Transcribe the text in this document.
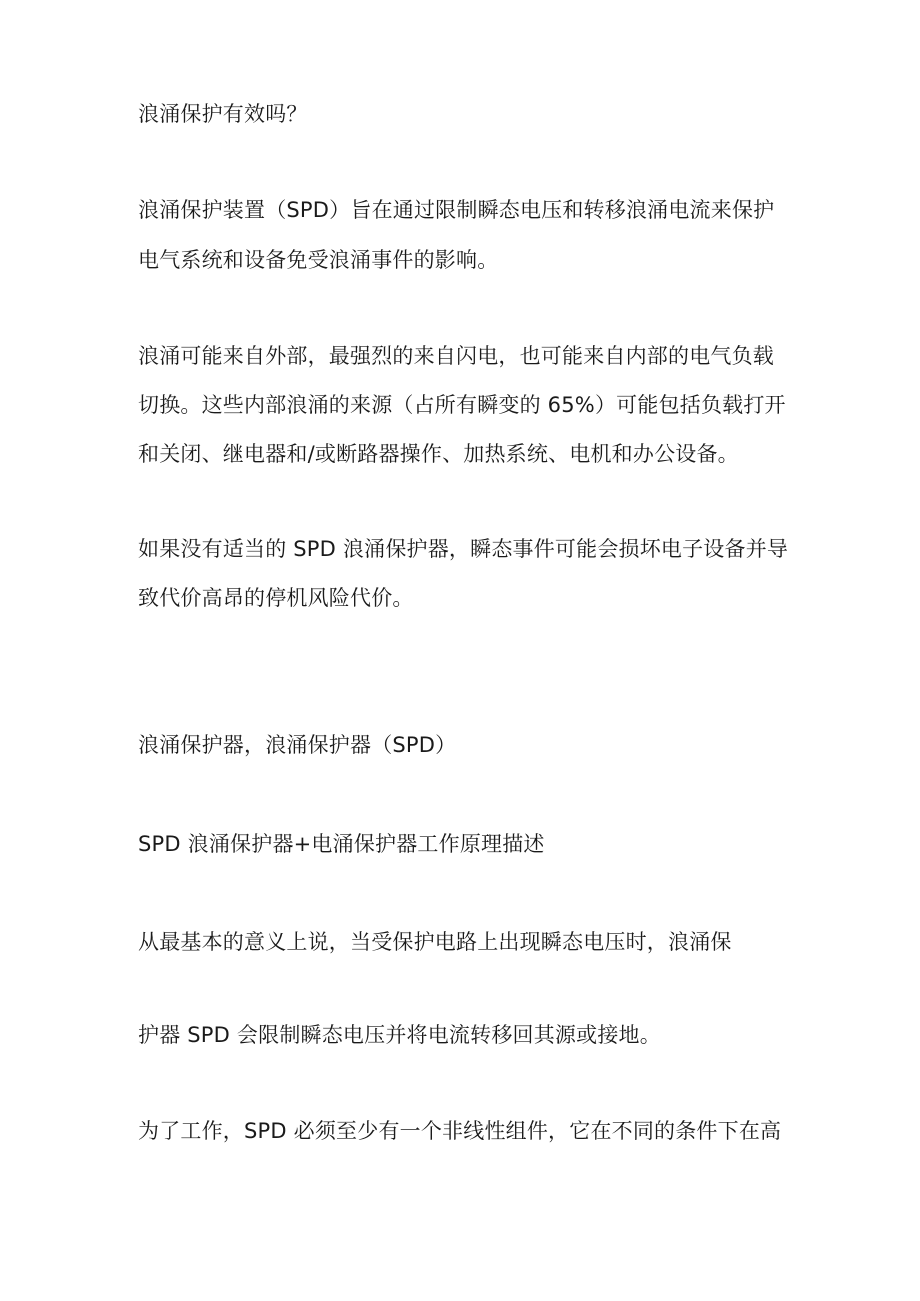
浪涌保护有效吗？
浪涌保护装置（SPD）旨在通过限制瞬态电压和转移浪涌电流来保护
电气系统和设备免受浪涌事件的影响。
浪涌可能来自外部，最强烈的来自闪电，也可能来自内部的电气负载
切换。这些内部浪涌的来源（占所有瞬变的 65%）可能包括负载打开
和关闭、继电器和/或断路器操作、加热系统、电机和办公设备。
如果没有适当的 SPD 浪涌保护器，瞬态事件可能会损坏电子设备并导
致代价高昂的停机风险代价。
浪涌保护器，浪涌保护器（SPD）
SPD 浪涌保护器+电涌保护器工作原理描述
从最基本的意义上说，当受保护电路上出现瞬态电压时，浪涌保
护器 SPD 会限制瞬态电压并将电流转移回其源或接地。
为了工作，SPD 必须至少有一个非线性组件，它在不同的条件下在高
